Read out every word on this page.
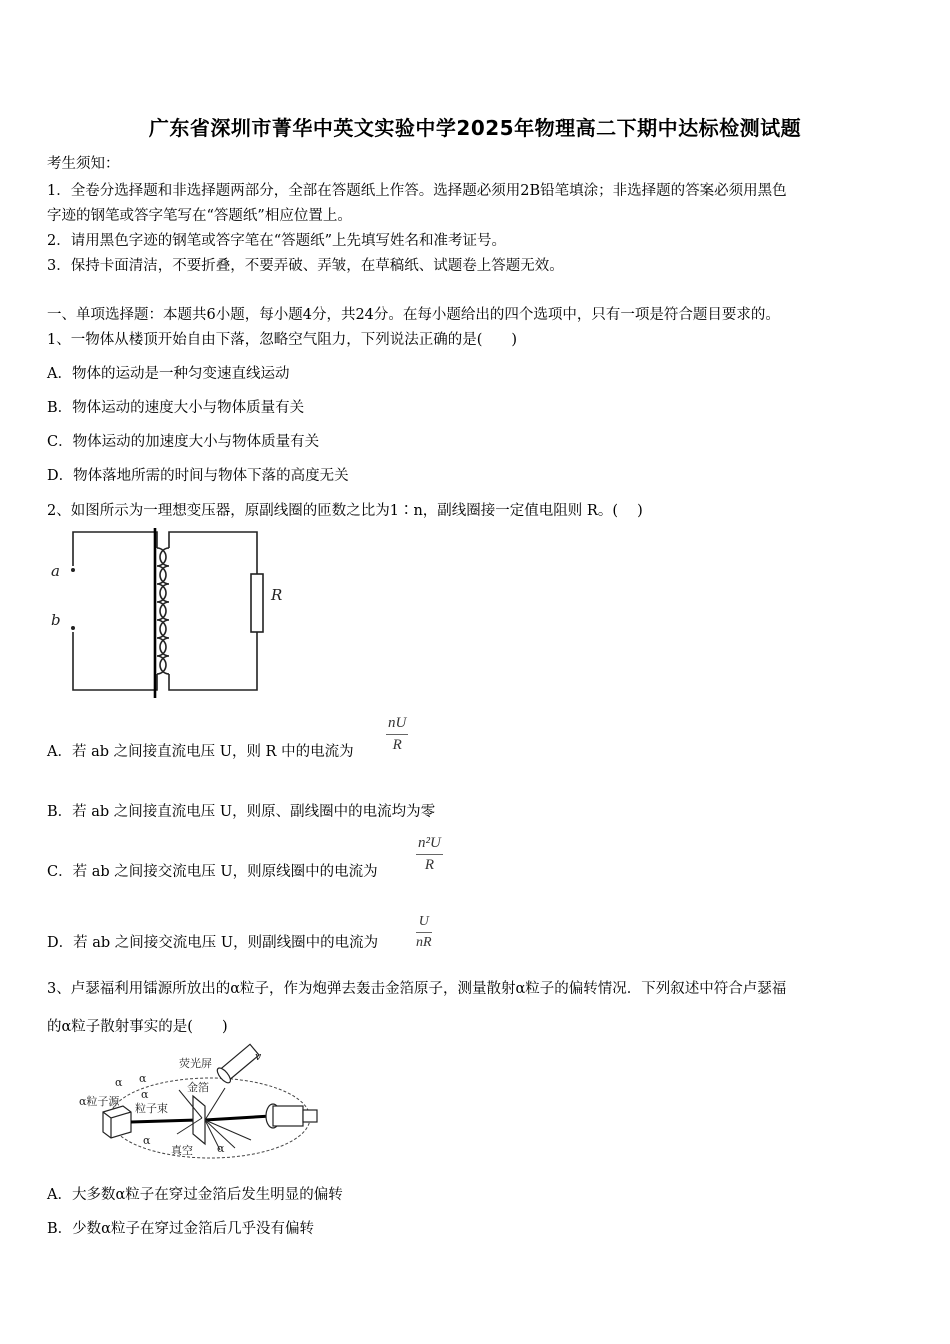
广东省深圳市菁华中英文实验中学2025年物理高二下期中达标检测试题
考生须知：
1．全卷分选择题和非选择题两部分，全部在答题纸上作答。选择题必须用2B铅笔填涂；非选择题的答案必须用黑色
字迹的钢笔或答字笔写在“答题纸”相应位置上。
2．请用黑色字迹的钢笔或答字笔在“答题纸”上先填写姓名和准考证号。
3．保持卡面清洁，不要折叠，不要弄破、弄皱，在草稿纸、试题卷上答题无效。
一、单项选择题：本题共6小题，每小题4分，共24分。在每小题给出的四个选项中，只有一项是符合题目要求的。
1、一物体从楼顶开始自由下落，忽略空气阻力，下列说法正确的是(　　)
A．物体的运动是一种匀变速直线运动
B．物体运动的速度大小与物体质量有关
C．物体运动的加速度大小与物体质量有关
D．物体落地所需的时间与物体下落的高度无关
2、如图所示为一理想变压器，原副线圈的匝数之比为1∶n，副线圈接一定值电阻则 R。(　 )
a
b
R
A．若 ab 之间接直流电压 U，则 R 中的电流为
nU
R
B．若 ab 之间接直流电压 U，则原、副线圈中的电流均为零
C．若 ab 之间接交流电压 U，则原线圈中的电流为
n²U
R
D．若 ab 之间接交流电压 U，则副线圈中的电流为
U
nR
3、卢瑟福利用镭源所放出的α粒子，作为炮弹去轰击金箔原子，测量散射α粒子的偏转情况．下列叙述中符合卢瑟福
的α粒子散射事实的是(　　)
荧光屏
金箔
α粒子源
粒子束
真空
α α
α
α
α
v
A．大多数α粒子在穿过金箔后发生明显的偏转
B．少数α粒子在穿过金箔后几乎没有偏转
